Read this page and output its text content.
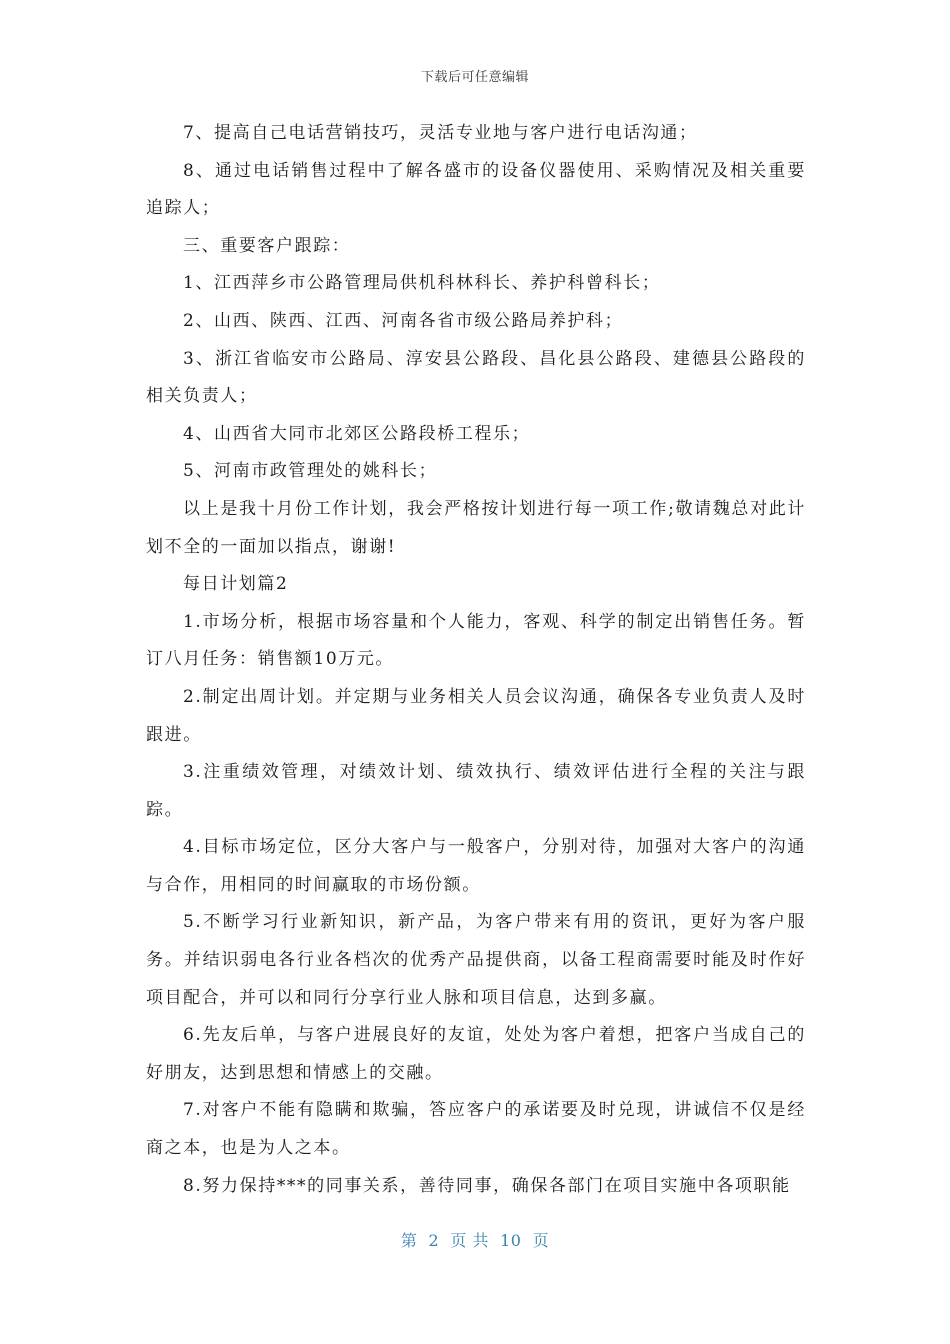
下载后可任意编辑

7、提高自己电话营销技巧，灵活专业地与客户进行电话沟通；

8、通过电话销售过程中了解各盛市的设备仪器使用、采购情况及相关重要追踪人；

三、重要客户跟踪：

1、江西萍乡市公路管理局供机科林科长、养护科曾科长；

2、山西、陕西、江西、河南各省市级公路局养护科；

3、浙江省临安市公路局、淳安县公路段、昌化县公路段、建德县公路段的相关负责人；

4、山西省大同市北郊区公路段桥工程乐；

5、河南市政管理处的姚科长；

以上是我十月份工作计划，我会严格按计划进行每一项工作;敬请魏总对此计划不全的一面加以指点，谢谢!

每日计划篇2

1.市场分析，根据市场容量和个人能力，客观、科学的制定出销售任务。暂订八月任务：销售额10万元。

2.制定出周计划。并定期与业务相关人员会议沟通，确保各专业负责人及时跟进。

3.注重绩效管理，对绩效计划、绩效执行、绩效评估进行全程的关注与跟踪。

4.目标市场定位，区分大客户与一般客户，分别对待，加强对大客户的沟通与合作，用相同的时间赢取的市场份额。

5.不断学习行业新知识，新产品，为客户带来有用的资讯，更好为客户服务。并结识弱电各行业各档次的优秀产品提供商，以备工程商需要时能及时作好项目配合，并可以和同行分享行业人脉和项目信息，达到多赢。

6.先友后单，与客户进展良好的友谊，处处为客户着想，把客户当成自己的好朋友，达到思想和情感上的交融。

7.对客户不能有隐瞒和欺骗，答应客户的承诺要及时兑现，讲诚信不仅是经商之本，也是为人之本。

8.努力保持***的同事关系，善待同事，确保各部门在项目实施中各项职能

第  2  页 共  10  页
